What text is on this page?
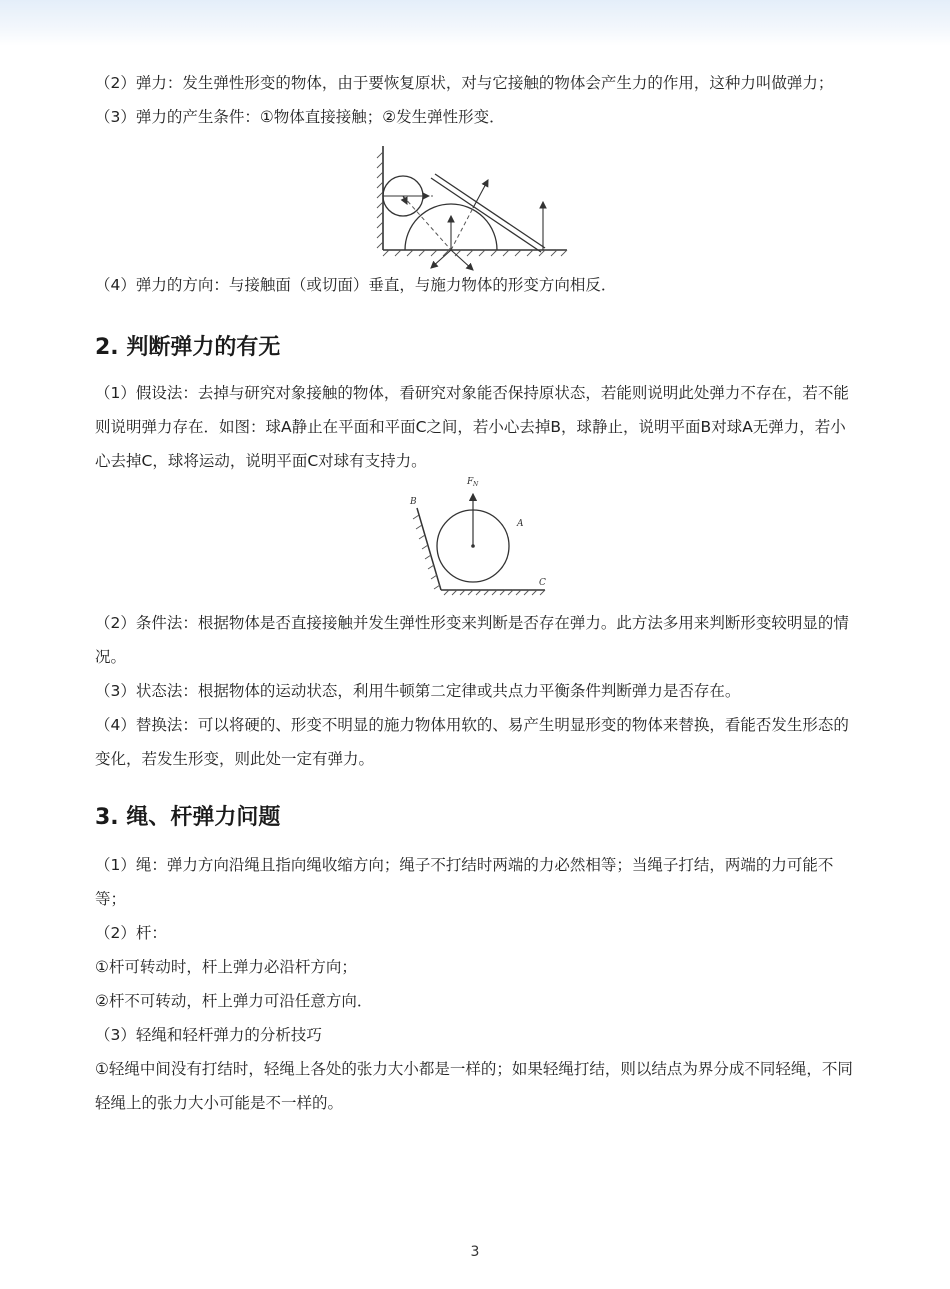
（2）弹力：发生弹性形变的物体，由于要恢复原状，对与它接触的物体会产生力的作用，这种力叫做弹力；

（3）弹力的产生条件：①物体直接接触；②发生弹性形变．

（4）弹力的方向：与接触面（或切面）垂直，与施力物体的形变方向相反．

2. 判断弹力的有无

（1）假设法：去掉与研究对象接触的物体，看研究对象能否保持原状态，若能则说明此处弹力不存在，若不能则说明弹力存在．如图：球A静止在平面和平面C之间，若小心去掉B，球静止，说明平面B对球A无弹力，若小心去掉C，球将运动，说明平面C对球有支持力。

B
A
C
F N

（2）条件法：根据物体是否直接接触并发生弹性形变来判断是否存在弹力。此方法多用来判断形变较明显的情况。

（3）状态法：根据物体的运动状态，利用牛顿第二定律或共点力平衡条件判断弹力是否存在。

（4）替换法：可以将硬的、形变不明显的施力物体用软的、易产生明显形变的物体来替换，看能否发生形态的变化，若发生形变，则此处一定有弹力。

3. 绳、杆弹力问题

（1）绳：弹力方向沿绳且指向绳收缩方向；绳子不打结时两端的力必然相等；当绳子打结，两端的力可能不等；

（2）杆：

①杆可转动时，杆上弹力必沿杆方向；

②杆不可转动，杆上弹力可沿任意方向．

（3）轻绳和轻杆弹力的分析技巧

①轻绳中间没有打结时，轻绳上各处的张力大小都是一样的；如果轻绳打结，则以结点为界分成不同轻绳，不同轻绳上的张力大小可能是不一样的。

3
